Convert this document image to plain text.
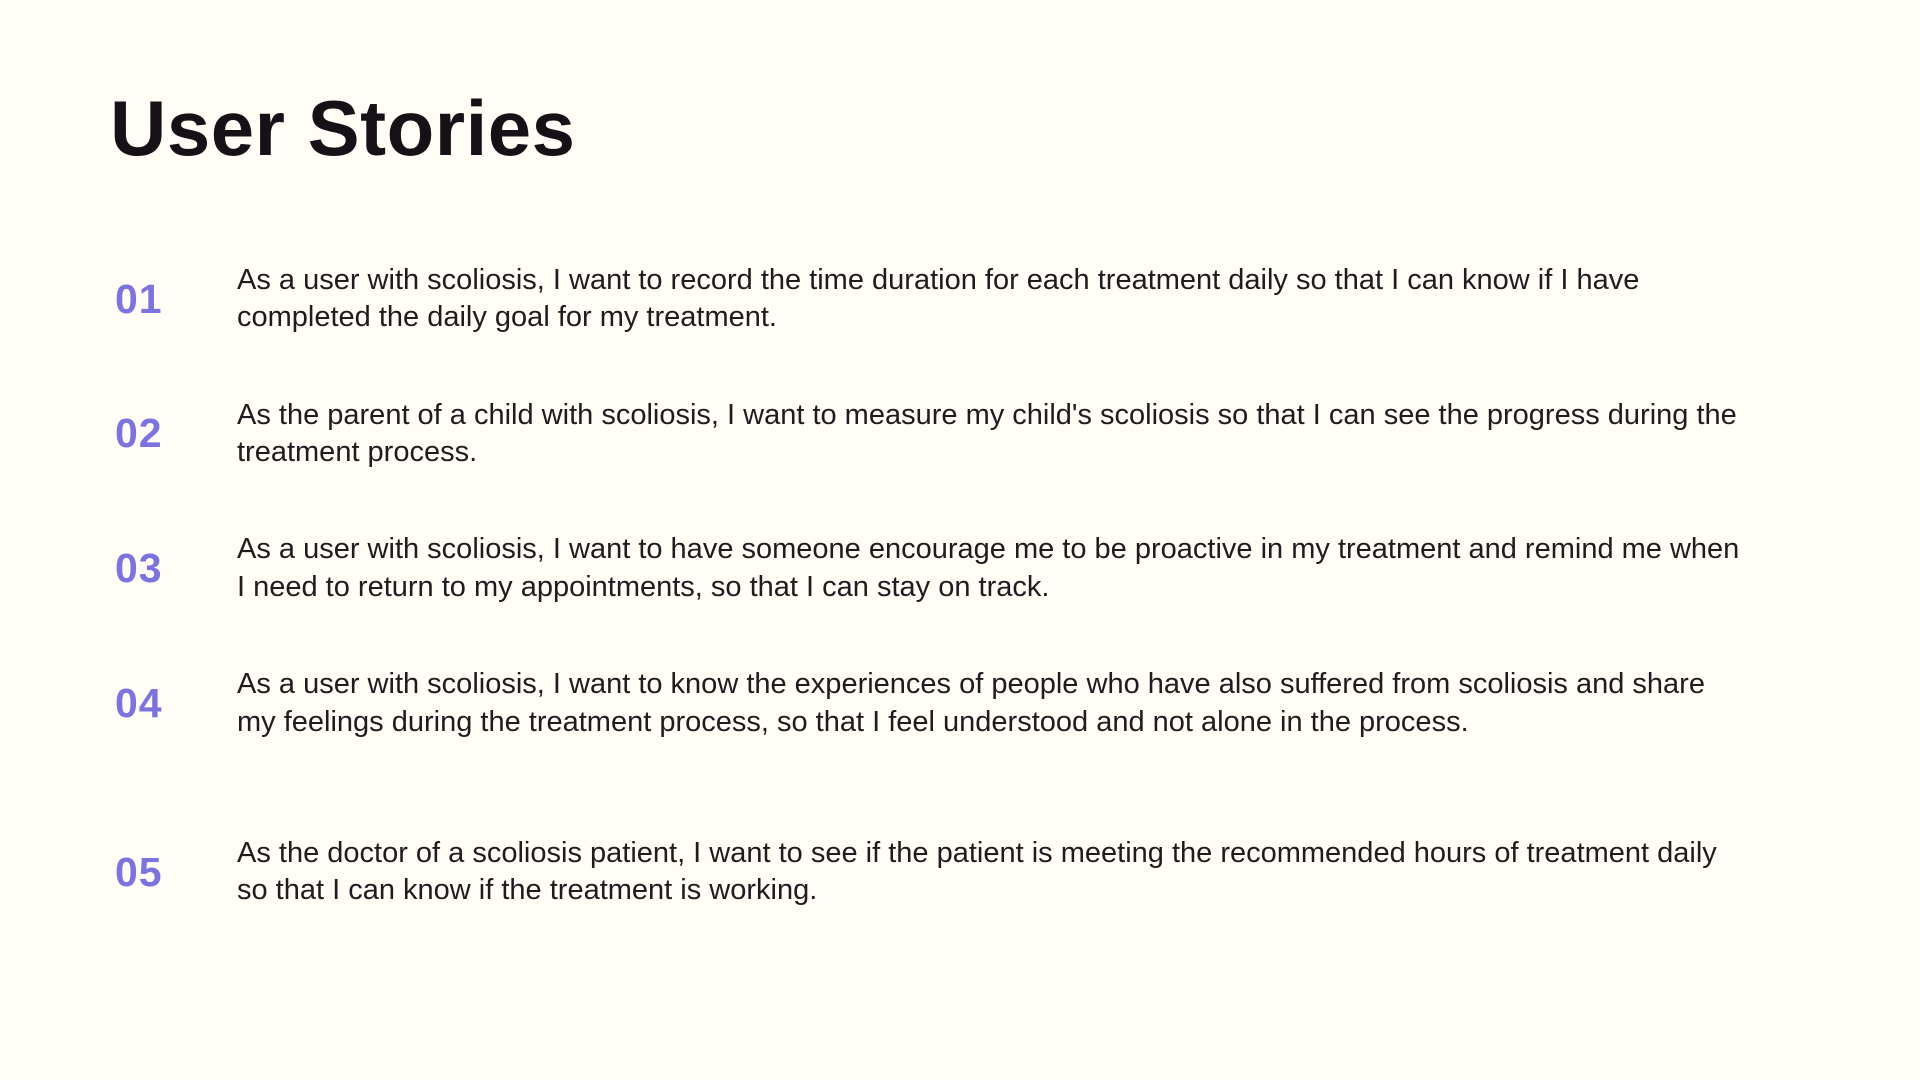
User Stories
01	As a user with scoliosis, I want to record the time duration for each treatment daily so that I can know if I have completed the daily goal for my treatment.

02	As the parent of a child with scoliosis, I want to measure my child's scoliosis so that I can see the progress during the treatment process.

03	As a user with scoliosis, I want to have someone encourage me to be proactive in my treatment and remind me when I need to return to my appointments, so that I can stay on track.

04	As a user with scoliosis, I want to know the experiences of people who have also suffered from scoliosis and share my feelings during the treatment process, so that I feel understood and not alone in the process.

05	As the doctor of a scoliosis patient, I want to see if the patient is meeting the recommended hours of treatment daily so that I can know if the treatment is working.
